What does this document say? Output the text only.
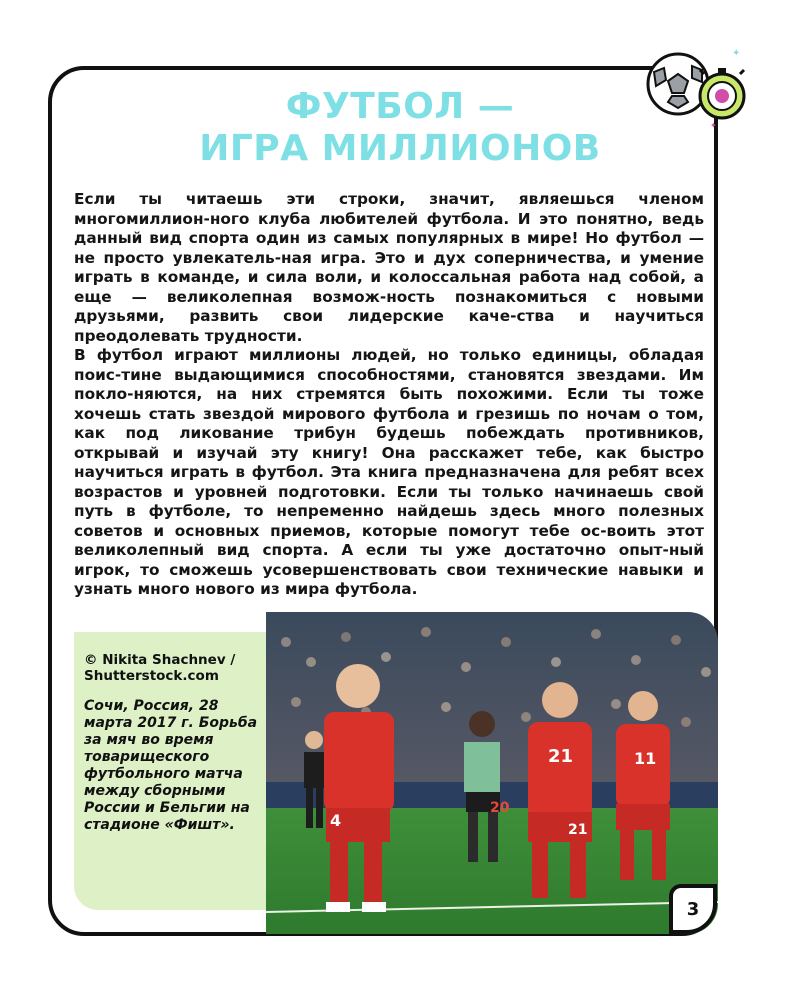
✦
✦
ФУТБОЛ —
ИГРА МИЛЛИОНОВ

Если ты читаешь эти строки, значит, являешься членом многомиллион-ного клуба любителей футбола. И это понятно, ведь данный вид спорта один из самых популярных в мире! Но футбол — не просто увлекатель-ная игра. Это и дух соперничества, и умение играть в команде, и сила воли, и колоссальная работа над собой, а еще — великолепная возмож-ность познакомиться с новыми друзьями, развить свои лидерские каче-ства и научиться преодолевать трудности.

В футбол играют миллионы людей, но только единицы, обладая поис-тине выдающимися способностями, становятся звездами. Им покло-няются, на них стремятся быть похожими. Если ты тоже хочешь стать звездой мирового футбола и грезишь по ночам о том, как под ликование трибун будешь побеждать противников, открывай и изучай эту книгу! Она расскажет тебе, как быстро научиться играть в футбол. Эта книга предназначена для ребят всех возрастов и уровней подготовки. Если ты только начинаешь свой путь в футболе, то непременно найдешь здесь много полезных советов и основных приемов, которые помогут тебе ос-воить этот великолепный вид спорта. А если ты уже достаточно опыт-ный игрок, то сможешь усовершенствовать свои технические навыки и узнать много нового из мира футбола.

© Nikita Shachnev / Shutterstock.com
Сочи, Россия, 28 марта 2017 г. Борьба за мяч во время товарищеского футбольного матча между сборными России и Бельгии на стадионе «Фишт».
20
4
21
21
11
3
